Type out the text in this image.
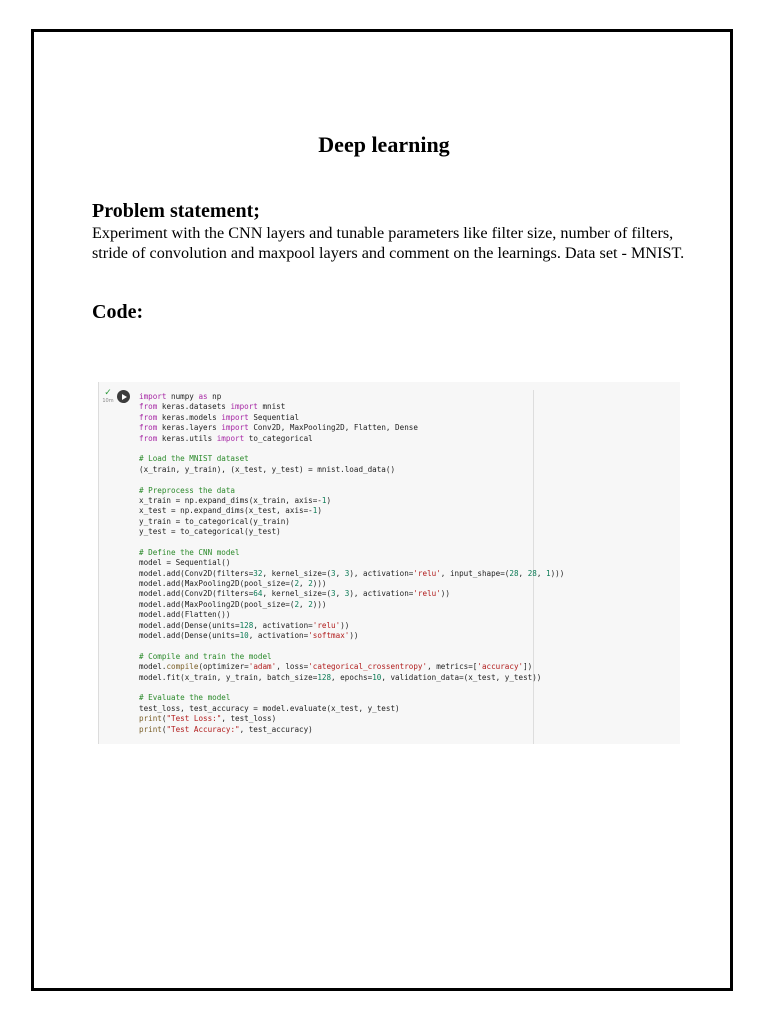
Deep learning
Problem statement;
Experiment with the CNN layers and tunable parameters like filter size, number of filters, stride of convolution and maxpool layers and comment on the learnings. Data set - MNIST.
Code:
✓
10m	import numpy as np
from keras.datasets import mnist
from keras.models import Sequential
from keras.layers import Conv2D, MaxPooling2D, Flatten, Dense
from keras.utils import to_categorical

# Load the MNIST dataset
(x_train, y_train), (x_test, y_test) = mnist.load_data()

# Preprocess the data
x_train = np.expand_dims(x_train, axis=-1)
x_test = np.expand_dims(x_test, axis=-1)
y_train = to_categorical(y_train)
y_test = to_categorical(y_test)

# Define the CNN model
model = Sequential()
model.add(Conv2D(filters=32, kernel_size=(3, 3), activation='relu', input_shape=(28, 28, 1)))
model.add(MaxPooling2D(pool_size=(2, 2)))
model.add(Conv2D(filters=64, kernel_size=(3, 3), activation='relu'))
model.add(MaxPooling2D(pool_size=(2, 2)))
model.add(Flatten())
model.add(Dense(units=128, activation='relu'))
model.add(Dense(units=10, activation='softmax'))

# Compile and train the model
model.compile(optimizer='adam', loss='categorical_crossentropy', metrics=['accuracy'])
model.fit(x_train, y_train, batch_size=128, epochs=10, validation_data=(x_test, y_test))

# Evaluate the model
test_loss, test_accuracy = model.evaluate(x_test, y_test)
print("Test Loss:", test_loss)
print("Test Accuracy:", test_accuracy)
